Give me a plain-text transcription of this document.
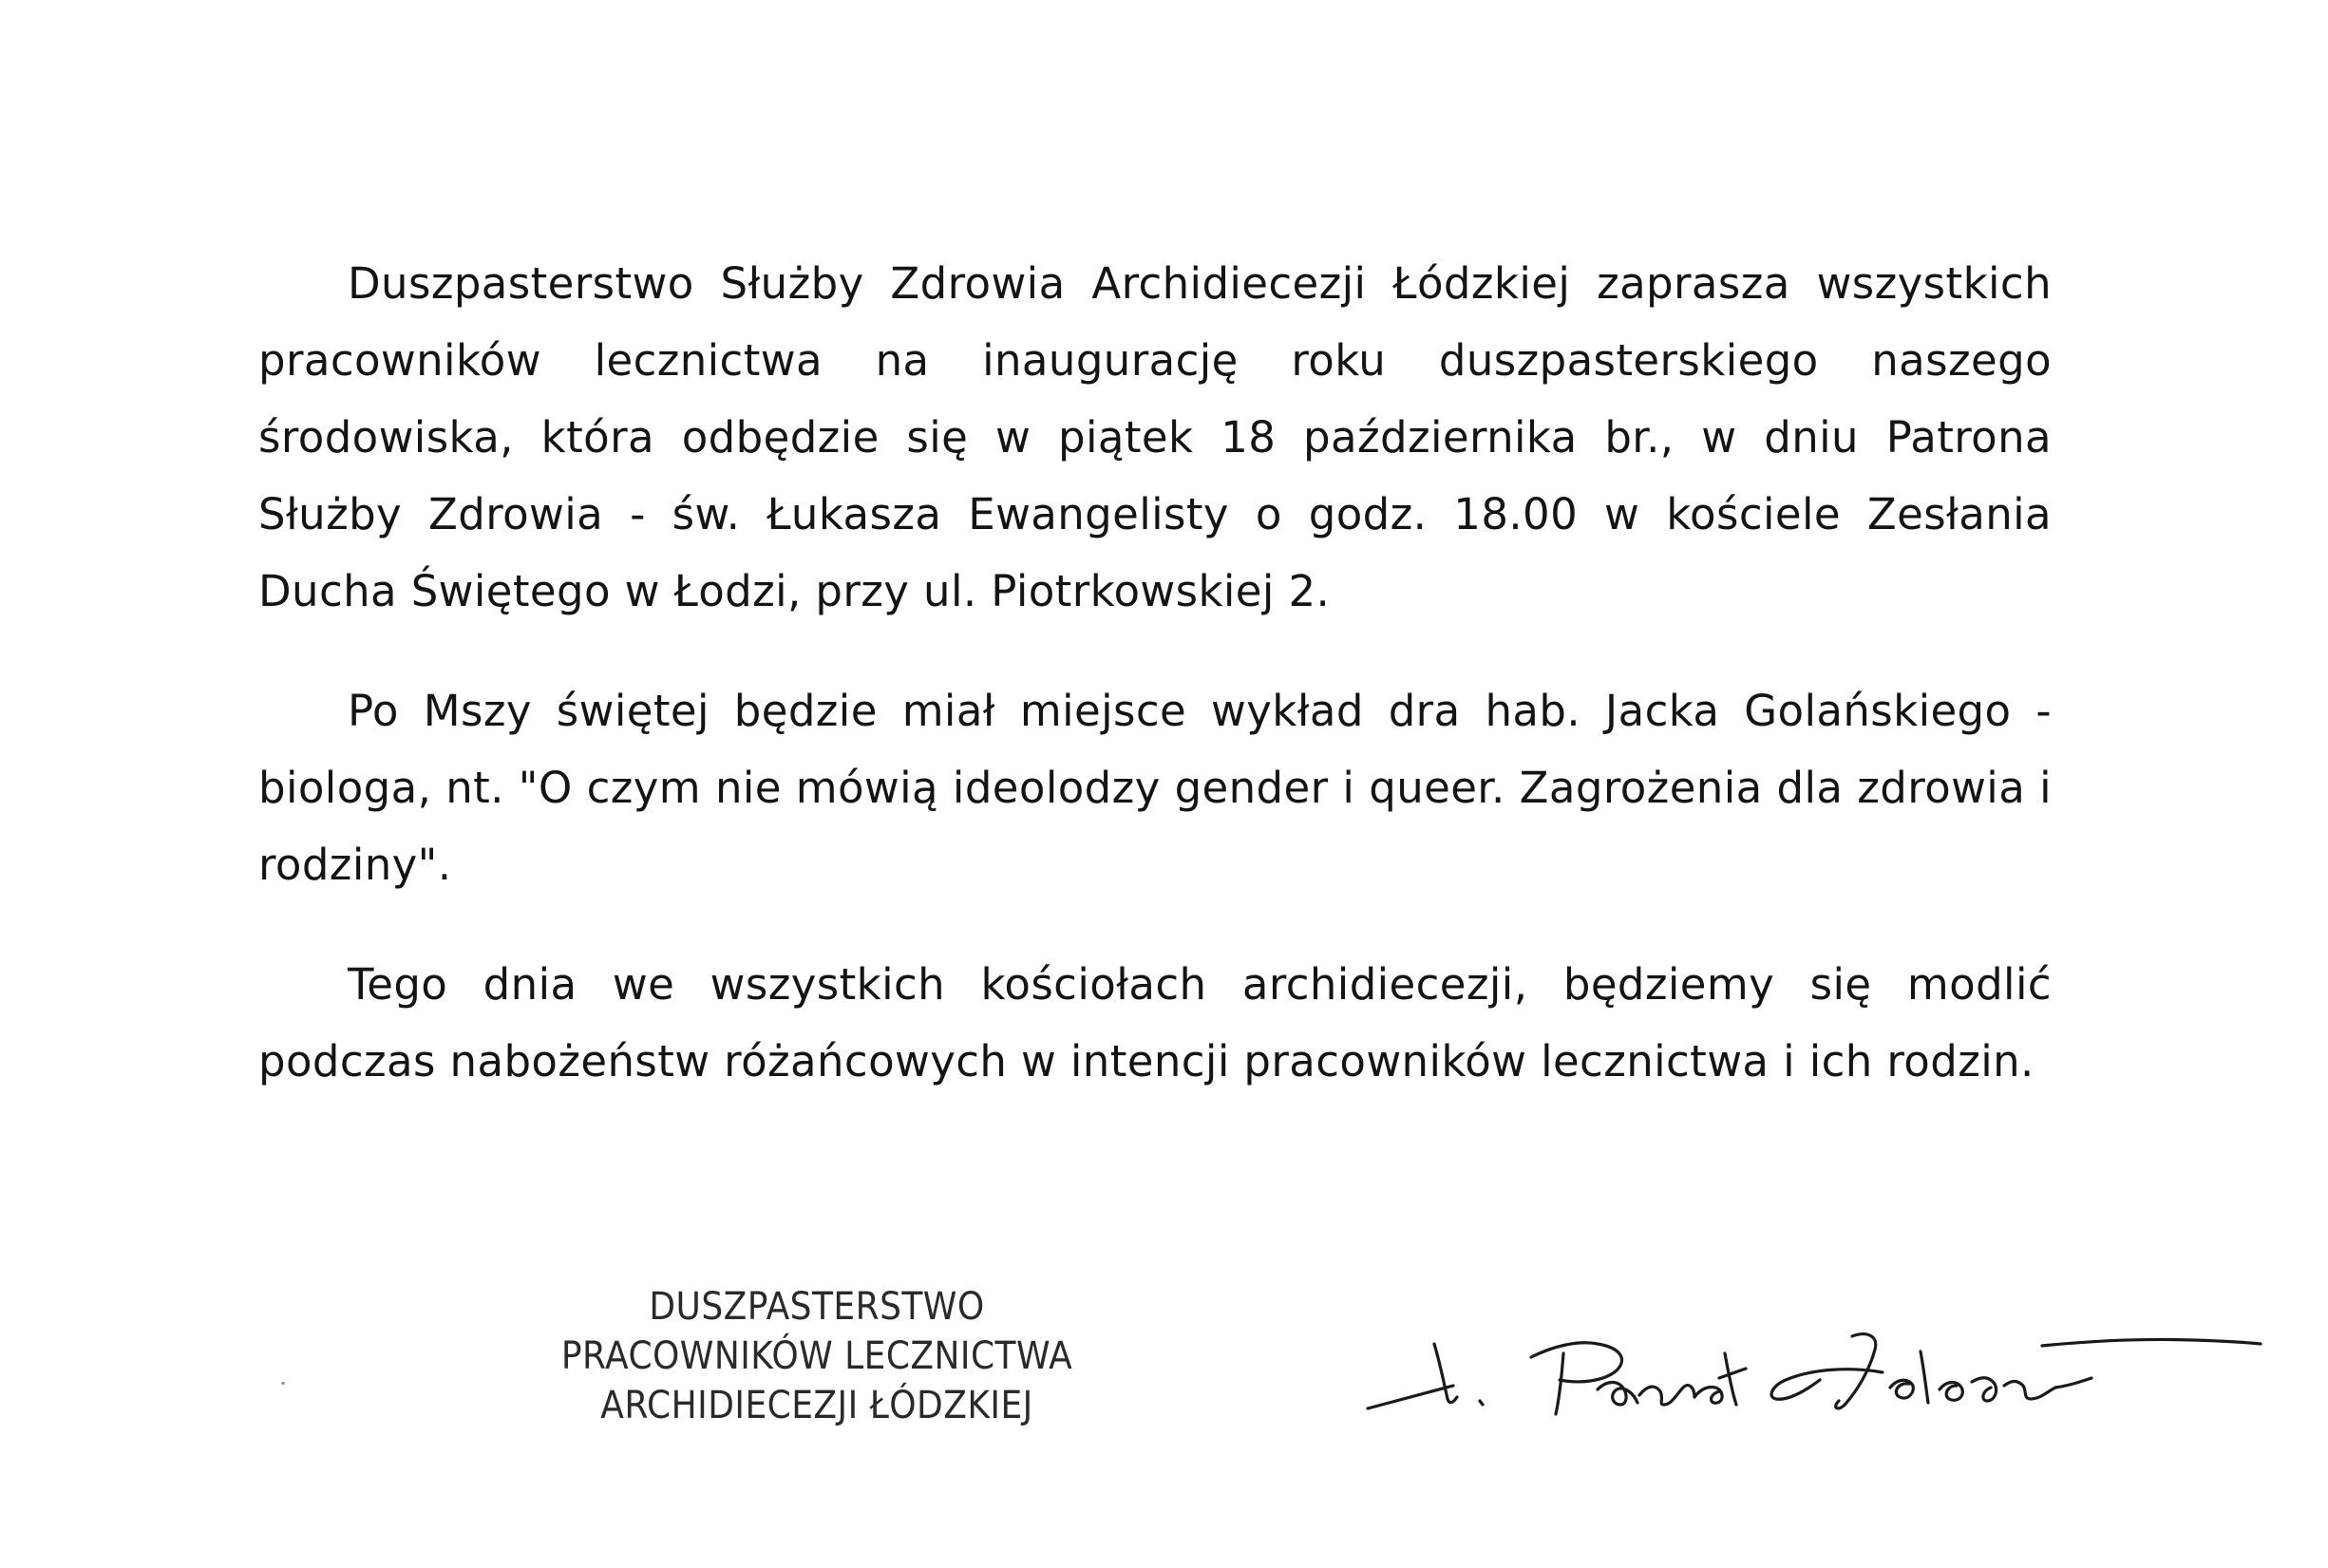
Duszpasterstwo Służby Zdrowia Archidiecezji Łódzkiej zaprasza wszystkich pracowników lecznictwa na inaugurację roku duszpasterskiego naszego środowiska, która odbędzie się w piątek 18 października br., w dniu Patrona Służby Zdrowia - św. Łukasza Ewangelisty o godz. 18.00 w kościele Zesłania Ducha Świętego w Łodzi, przy ul. Piotrkowskiej 2.

Po Mszy świętej będzie miał miejsce wykład dra hab. Jacka Golańskiego - biologa, nt. "O czym nie mówią ideolodzy gender i queer. Zagrożenia dla zdrowia i rodziny".

Tego dnia we wszystkich kościołach archidiecezji, będziemy się modlić podczas nabożeństw różańcowych w intencji pracowników lecznictwa i ich rodzin.

DUSZPASTERSTWO
PRACOWNIKÓW LECZNICTWA
ARCHIDIECEZJI ŁÓDZKIEJ
